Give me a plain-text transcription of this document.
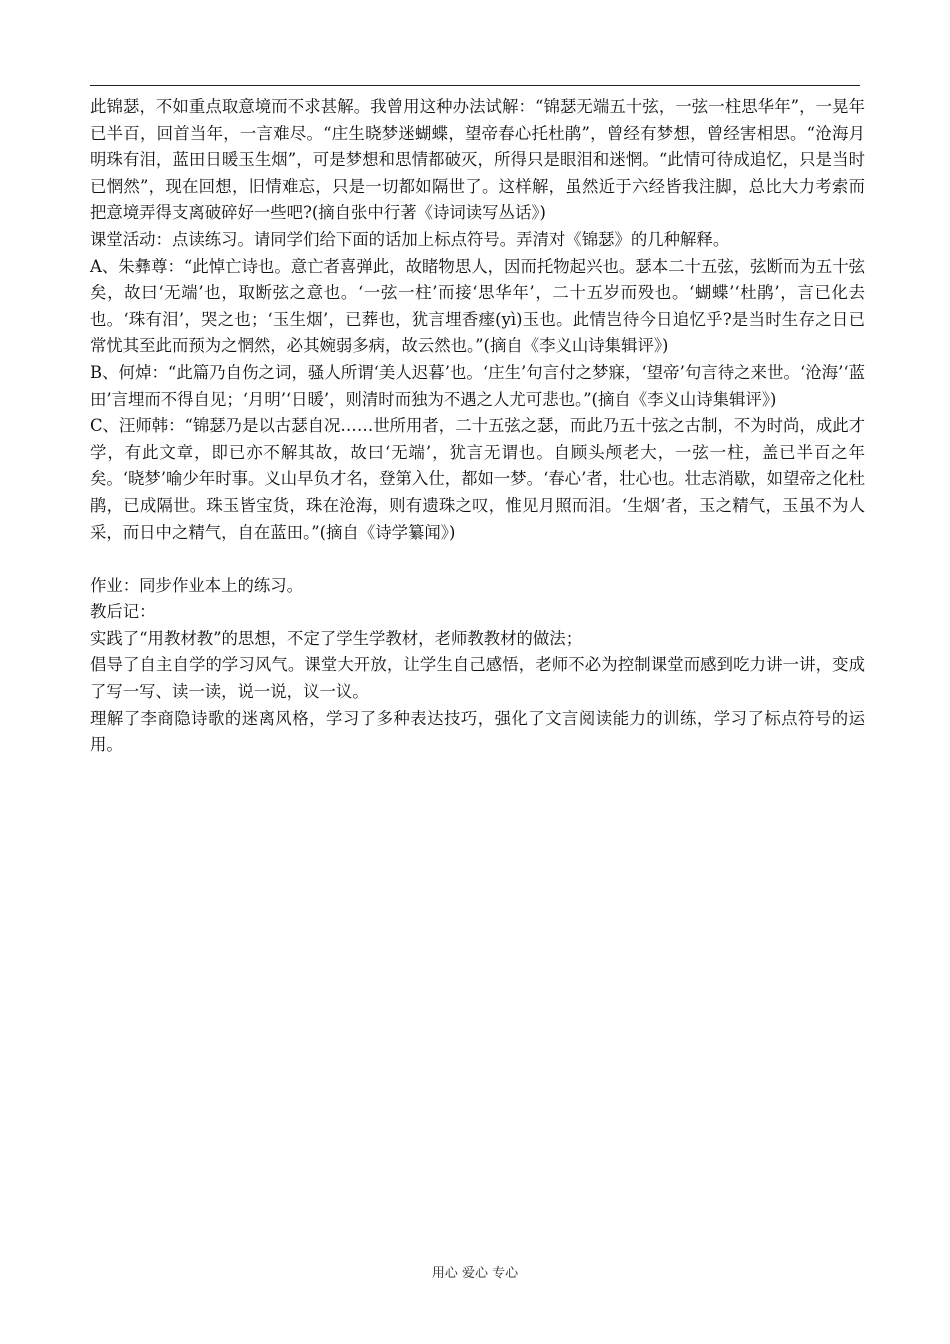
此锦瑟，不如重点取意境而不求甚解。我曾用这种办法试解：“锦瑟无端五十弦，一弦一柱思华年”，一晃年已半百，回首当年，一言难尽。“庄生晓梦迷蝴蝶，望帝春心托杜鹃”，曾经有梦想，曾经害相思。“沧海月明珠有泪，蓝田日暖玉生烟”，可是梦想和思情都破灭，所得只是眼泪和迷惘。“此情可待成追忆，只是当时已惘然”，现在回想，旧情难忘，只是一切都如隔世了。这样解，虽然近于六经皆我注脚，总比大力考索而把意境弄得支离破碎好一些吧?(摘自张中行著《诗词读写丛话》)

课堂活动：点读练习。请同学们给下面的话加上标点符号。弄清对《锦瑟》的几种解释。

A、朱彝尊：“此悼亡诗也。意亡者喜弹此，故睹物思人，因而托物起兴也。瑟本二十五弦，弦断而为五十弦矣，故曰‘无端’也，取断弦之意也。‘一弦一柱’而接‘思华年’，二十五岁而殁也。‘蝴蝶’‘杜鹃’，言已化去也。‘珠有泪’，哭之也；‘玉生烟’，已葬也，犹言埋香瘗(yì)玉也。此情岂待今日追忆乎?是当时生存之日已常忧其至此而预为之惘然，必其婉弱多病，故云然也。”(摘自《李义山诗集辑评》)

B、何焯：“此篇乃自伤之词，骚人所谓‘美人迟暮’也。‘庄生’句言付之梦寐，‘望帝’句言待之来世。‘沧海’‘蓝田’言埋而不得自见；‘月明’‘日暖’，则清时而独为不遇之人尤可悲也。”(摘自《李义山诗集辑评》)

C、汪师韩：“锦瑟乃是以古瑟自况……世所用者，二十五弦之瑟，而此乃五十弦之古制，不为时尚，成此才学，有此文章，即已亦不解其故，故曰‘无端’，犹言无谓也。自顾头颅老大，一弦一柱，盖已半百之年矣。‘晓梦’喻少年时事。义山早负才名，登第入仕，都如一梦。‘春心’者，壮心也。壮志消歇，如望帝之化杜鹃，已成隔世。珠玉皆宝货，珠在沧海，则有遗珠之叹，惟见月照而泪。‘生烟’者，玉之精气，玉虽不为人采，而日中之精气，自在蓝田。”(摘自《诗学纂闻》)

作业：同步作业本上的练习。

教后记：

实践了“用教材教”的思想，不定了学生学教材，老师教教材的做法；

倡导了自主自学的学习风气。课堂大开放，让学生自己感悟，老师不必为控制课堂而感到吃力讲一讲，变成了写一写、读一读，说一说，议一议。

理解了李商隐诗歌的迷离风格，学习了多种表达技巧，强化了文言阅读能力的训练，学习了标点符号的运用。

用心 爱心 专心
